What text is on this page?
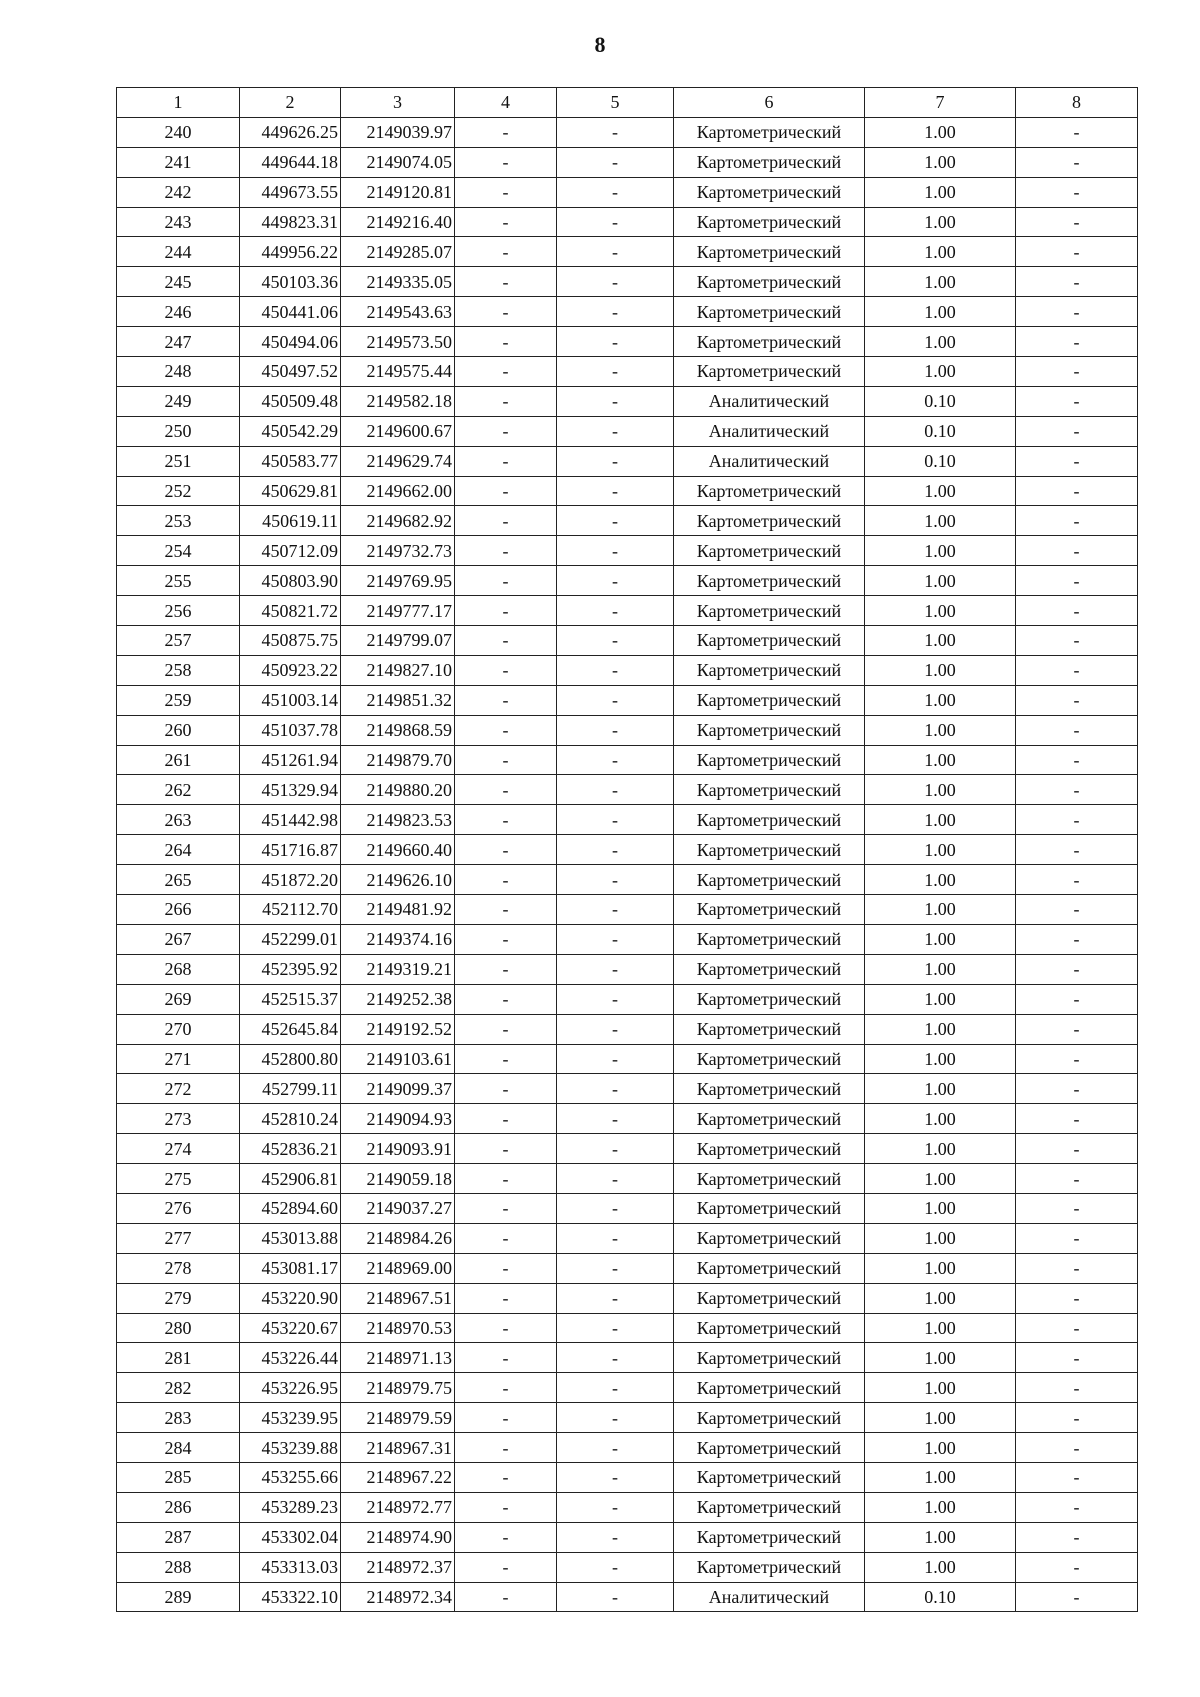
8
1	2	3	4	5	6	7	8
240	449626.25	2149039.97	-	-	Картометрический	1.00	-
241	449644.18	2149074.05	-	-	Картометрический	1.00	-
242	449673.55	2149120.81	-	-	Картометрический	1.00	-
243	449823.31	2149216.40	-	-	Картометрический	1.00	-
244	449956.22	2149285.07	-	-	Картометрический	1.00	-
245	450103.36	2149335.05	-	-	Картометрический	1.00	-
246	450441.06	2149543.63	-	-	Картометрический	1.00	-
247	450494.06	2149573.50	-	-	Картометрический	1.00	-
248	450497.52	2149575.44	-	-	Картометрический	1.00	-
249	450509.48	2149582.18	-	-	Аналитический	0.10	-
250	450542.29	2149600.67	-	-	Аналитический	0.10	-
251	450583.77	2149629.74	-	-	Аналитический	0.10	-
252	450629.81	2149662.00	-	-	Картометрический	1.00	-
253	450619.11	2149682.92	-	-	Картометрический	1.00	-
254	450712.09	2149732.73	-	-	Картометрический	1.00	-
255	450803.90	2149769.95	-	-	Картометрический	1.00	-
256	450821.72	2149777.17	-	-	Картометрический	1.00	-
257	450875.75	2149799.07	-	-	Картометрический	1.00	-
258	450923.22	2149827.10	-	-	Картометрический	1.00	-
259	451003.14	2149851.32	-	-	Картометрический	1.00	-
260	451037.78	2149868.59	-	-	Картометрический	1.00	-
261	451261.94	2149879.70	-	-	Картометрический	1.00	-
262	451329.94	2149880.20	-	-	Картометрический	1.00	-
263	451442.98	2149823.53	-	-	Картометрический	1.00	-
264	451716.87	2149660.40	-	-	Картометрический	1.00	-
265	451872.20	2149626.10	-	-	Картометрический	1.00	-
266	452112.70	2149481.92	-	-	Картометрический	1.00	-
267	452299.01	2149374.16	-	-	Картометрический	1.00	-
268	452395.92	2149319.21	-	-	Картометрический	1.00	-
269	452515.37	2149252.38	-	-	Картометрический	1.00	-
270	452645.84	2149192.52	-	-	Картометрический	1.00	-
271	452800.80	2149103.61	-	-	Картометрический	1.00	-
272	452799.11	2149099.37	-	-	Картометрический	1.00	-
273	452810.24	2149094.93	-	-	Картометрический	1.00	-
274	452836.21	2149093.91	-	-	Картометрический	1.00	-
275	452906.81	2149059.18	-	-	Картометрический	1.00	-
276	452894.60	2149037.27	-	-	Картометрический	1.00	-
277	453013.88	2148984.26	-	-	Картометрический	1.00	-
278	453081.17	2148969.00	-	-	Картометрический	1.00	-
279	453220.90	2148967.51	-	-	Картометрический	1.00	-
280	453220.67	2148970.53	-	-	Картометрический	1.00	-
281	453226.44	2148971.13	-	-	Картометрический	1.00	-
282	453226.95	2148979.75	-	-	Картометрический	1.00	-
283	453239.95	2148979.59	-	-	Картометрический	1.00	-
284	453239.88	2148967.31	-	-	Картометрический	1.00	-
285	453255.66	2148967.22	-	-	Картометрический	1.00	-
286	453289.23	2148972.77	-	-	Картометрический	1.00	-
287	453302.04	2148974.90	-	-	Картометрический	1.00	-
288	453313.03	2148972.37	-	-	Картометрический	1.00	-
289	453322.10	2148972.34	-	-	Аналитический	0.10	-
